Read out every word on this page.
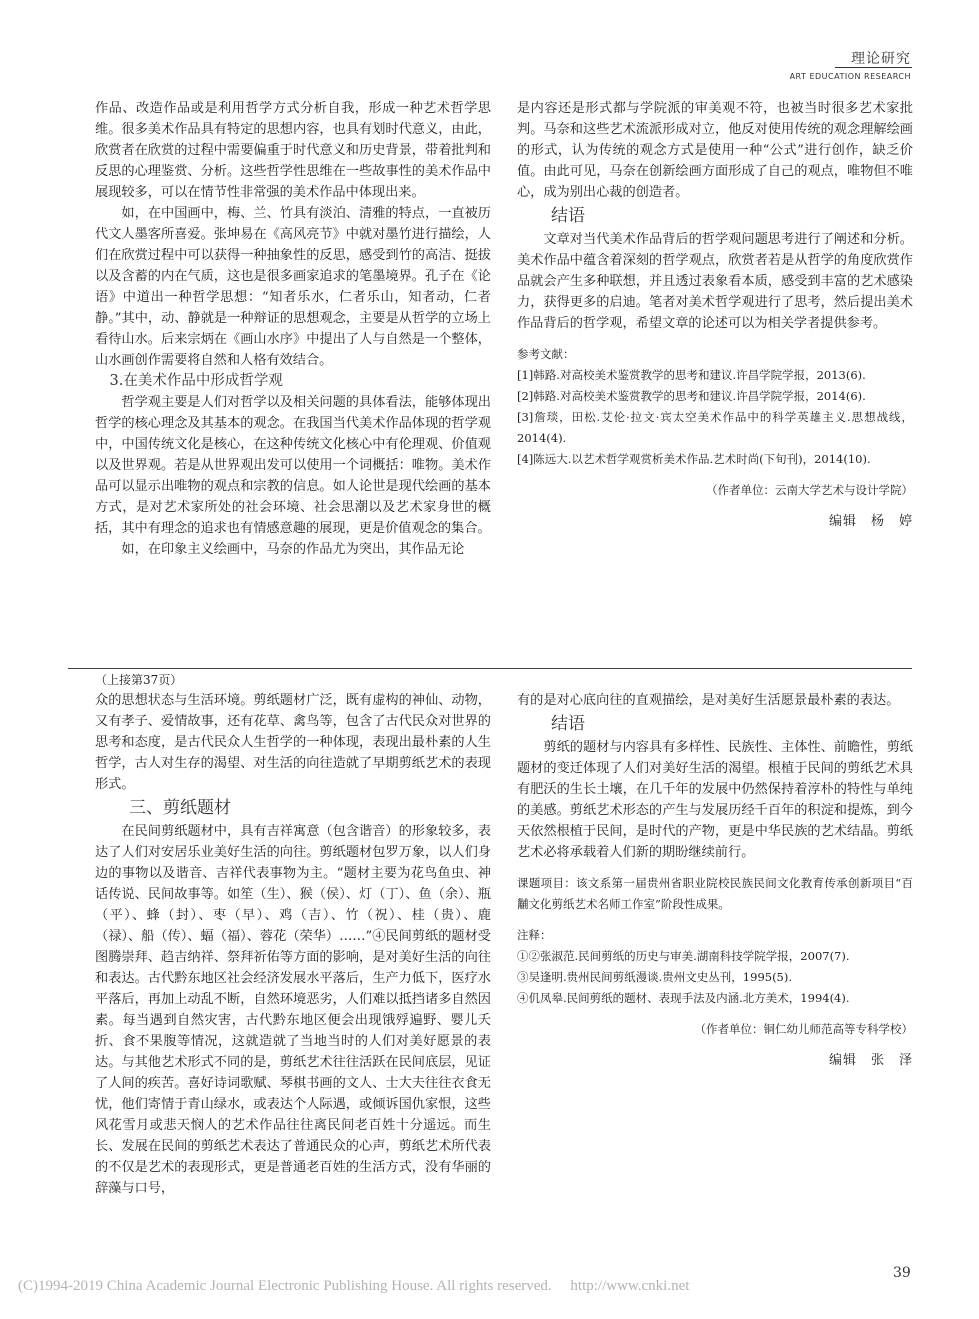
理论研究
ART EDUCATION RESEARCH

作品、改造作品或是利用哲学方式分析自我，形成一种艺术哲学思维。很多美术作品具有特定的思想内容，也具有划时代意义，由此，欣赏者在欣赏的过程中需要偏重于时代意义和历史背景，带着批判和反思的心理鉴赏、分析。这些哲学性思维在一些故事性的美术作品中展现较多，可以在情节性非常强的美术作品中体现出来。

如，在中国画中，梅、兰、竹具有淡泊、清雅的特点，一直被历代文人墨客所喜爱。张坤易在《高风亮节》中就对墨竹进行描绘，人们在欣赏过程中可以获得一种抽象性的反思，感受到竹的高洁、挺拔以及含蓄的内在气质，这也是很多画家追求的笔墨境界。孔子在《论语》中道出一种哲学思想：“知者乐水，仁者乐山，知者动，仁者静。”其中，动、静就是一种辩证的思想观念，主要是从哲学的立场上看待山水。后来宗炳在《画山水序》中提出了人与自然是一个整体，山水画创作需要将自然和人格有效结合。

3.在美术作品中形成哲学观

哲学观主要是人们对哲学以及相关问题的具体看法，能够体现出哲学的核心理念及其基本的观念。在我国当代美术作品体现的哲学观中，中国传统文化是核心，在这种传统文化核心中有伦理观、价值观以及世界观。若是从世界观出发可以使用一个词概括：唯物。美术作品可以显示出唯物的观点和宗教的信息。如人论世是现代绘画的基本方式，是对艺术家所处的社会环境、社会思潮以及艺术家身世的概括，其中有理念的追求也有情感意趣的展现，更是价值观念的集合。

如，在印象主义绘画中，马奈的作品尤为突出，其作品无论

是内容还是形式都与学院派的审美观不符，也被当时很多艺术家批判。马奈和这些艺术流派形成对立，他反对使用传统的观念理解绘画的形式，认为传统的观念方式是使用一种“公式”进行创作，缺乏价值。由此可见，马奈在创新绘画方面形成了自己的观点，唯物但不唯心，成为别出心裁的创造者。

结语

文章对当代美术作品背后的哲学观问题思考进行了阐述和分析。美术作品中蕴含着深刻的哲学观点，欣赏者若是从哲学的角度欣赏作品就会产生多种联想，并且透过表象看本质，感受到丰富的艺术感染力，获得更多的启迪。笔者对美术哲学观进行了思考，然后提出美术作品背后的哲学观，希望文章的论述可以为相关学者提供参考。

参考文献：

[1]韩路.对高校美术鉴赏教学的思考和建议.许昌学院学报，2013(6).

[2]韩路.对高校美术鉴赏教学的思考和建议.许昌学院学报，2014(6).

[3]詹琰，田松.艾伦·拉文·宾太空美术作品中的科学英雄主义.思想战线，2014(4).

[4]陈远大.以艺术哲学观赏析美术作品.艺术时尚(下旬刊)，2014(10).

（作者单位：云南大学艺术与设计学院）

编辑　杨　婷

（上接第37页）

众的思想状态与生活环境。剪纸题材广泛，既有虚构的神仙、动物，又有孝子、爱情故事，还有花草、禽鸟等，包含了古代民众对世界的思考和态度，是古代民众人生哲学的一种体现，表现出最朴素的人生哲学，古人对生存的渴望、对生活的向往造就了早期剪纸艺术的表现形式。

三、剪纸题材

在民间剪纸题材中，具有吉祥寓意（包含谐音）的形象较多，表达了人们对安居乐业美好生活的向往。剪纸题材包罗万象，以人们身边的事物以及谐音、吉祥代表事物为主。“题材主要为花鸟鱼虫、神话传说、民间故事等。如笙（生）、猴（侯）、灯（丁）、鱼（余）、瓶（平）、蜂（封）、枣（早）、鸡（吉）、竹（祝）、桂（贵）、鹿（禄）、船（传）、蝠（福）、蓉花（荣华）……”④民间剪纸的题材受图腾崇拜、趋吉纳祥、祭拜祈佑等方面的影响，是对美好生活的向往和表达。古代黔东地区社会经济发展水平落后，生产力低下，医疗水平落后，再加上动乱不断，自然环境恶劣，人们难以抵挡诸多自然因素。每当遇到自然灾害，古代黔东地区便会出现饿殍遍野、婴儿夭折、食不果腹等情况，这就造就了当地当时的人们对美好愿景的表达。与其他艺术形式不同的是，剪纸艺术往往活跃在民间底层，见证了人间的疾苦。喜好诗词歌赋、琴棋书画的文人、士大夫往往衣食无忧，他们寄情于青山绿水，或表达个人际遇，或倾诉国仇家恨，这些风花雪月或悲天悯人的艺术作品往往离民间老百姓十分遥远。而生长、发展在民间的剪纸艺术表达了普通民众的心声，剪纸艺术所代表的不仅是艺术的表现形式，更是普通老百姓的生活方式，没有华丽的辞藻与口号，

有的是对心底向往的直观描绘，是对美好生活愿景最朴素的表达。

结语

剪纸的题材与内容具有多样性、民族性、主体性、前瞻性，剪纸题材的变迁体现了人们对美好生活的渴望。根植于民间的剪纸艺术具有肥沃的生长土壤，在几千年的发展中仍然保持着淳朴的特性与单纯的美感。剪纸艺术形态的产生与发展历经千百年的积淀和提炼，到今天依然根植于民间，是时代的产物，更是中华民族的艺术结晶。剪纸艺术必将承载着人们新的期盼继续前行。

课题项目：该文系第一届贵州省职业院校民族民间文化教育传承创新项目“百黼文化剪纸艺术名师工作室”阶段性成果。

注释：

①②张淑范.民间剪纸的历史与审美.湖南科技学院学报，2007(7).

③吴逢明.贵州民间剪纸漫谈.贵州文史丛刊，1995(5).

④仉凤皋.民间剪纸的题材、表现手法及内涵.北方美术，1994(4).

（作者单位：铜仁幼儿师范高等专科学校）

编辑　张　泽

39
(C)1994-2019 China Academic Journal Electronic Publishing House. All rights reserved.　 http://www.cnki.net
